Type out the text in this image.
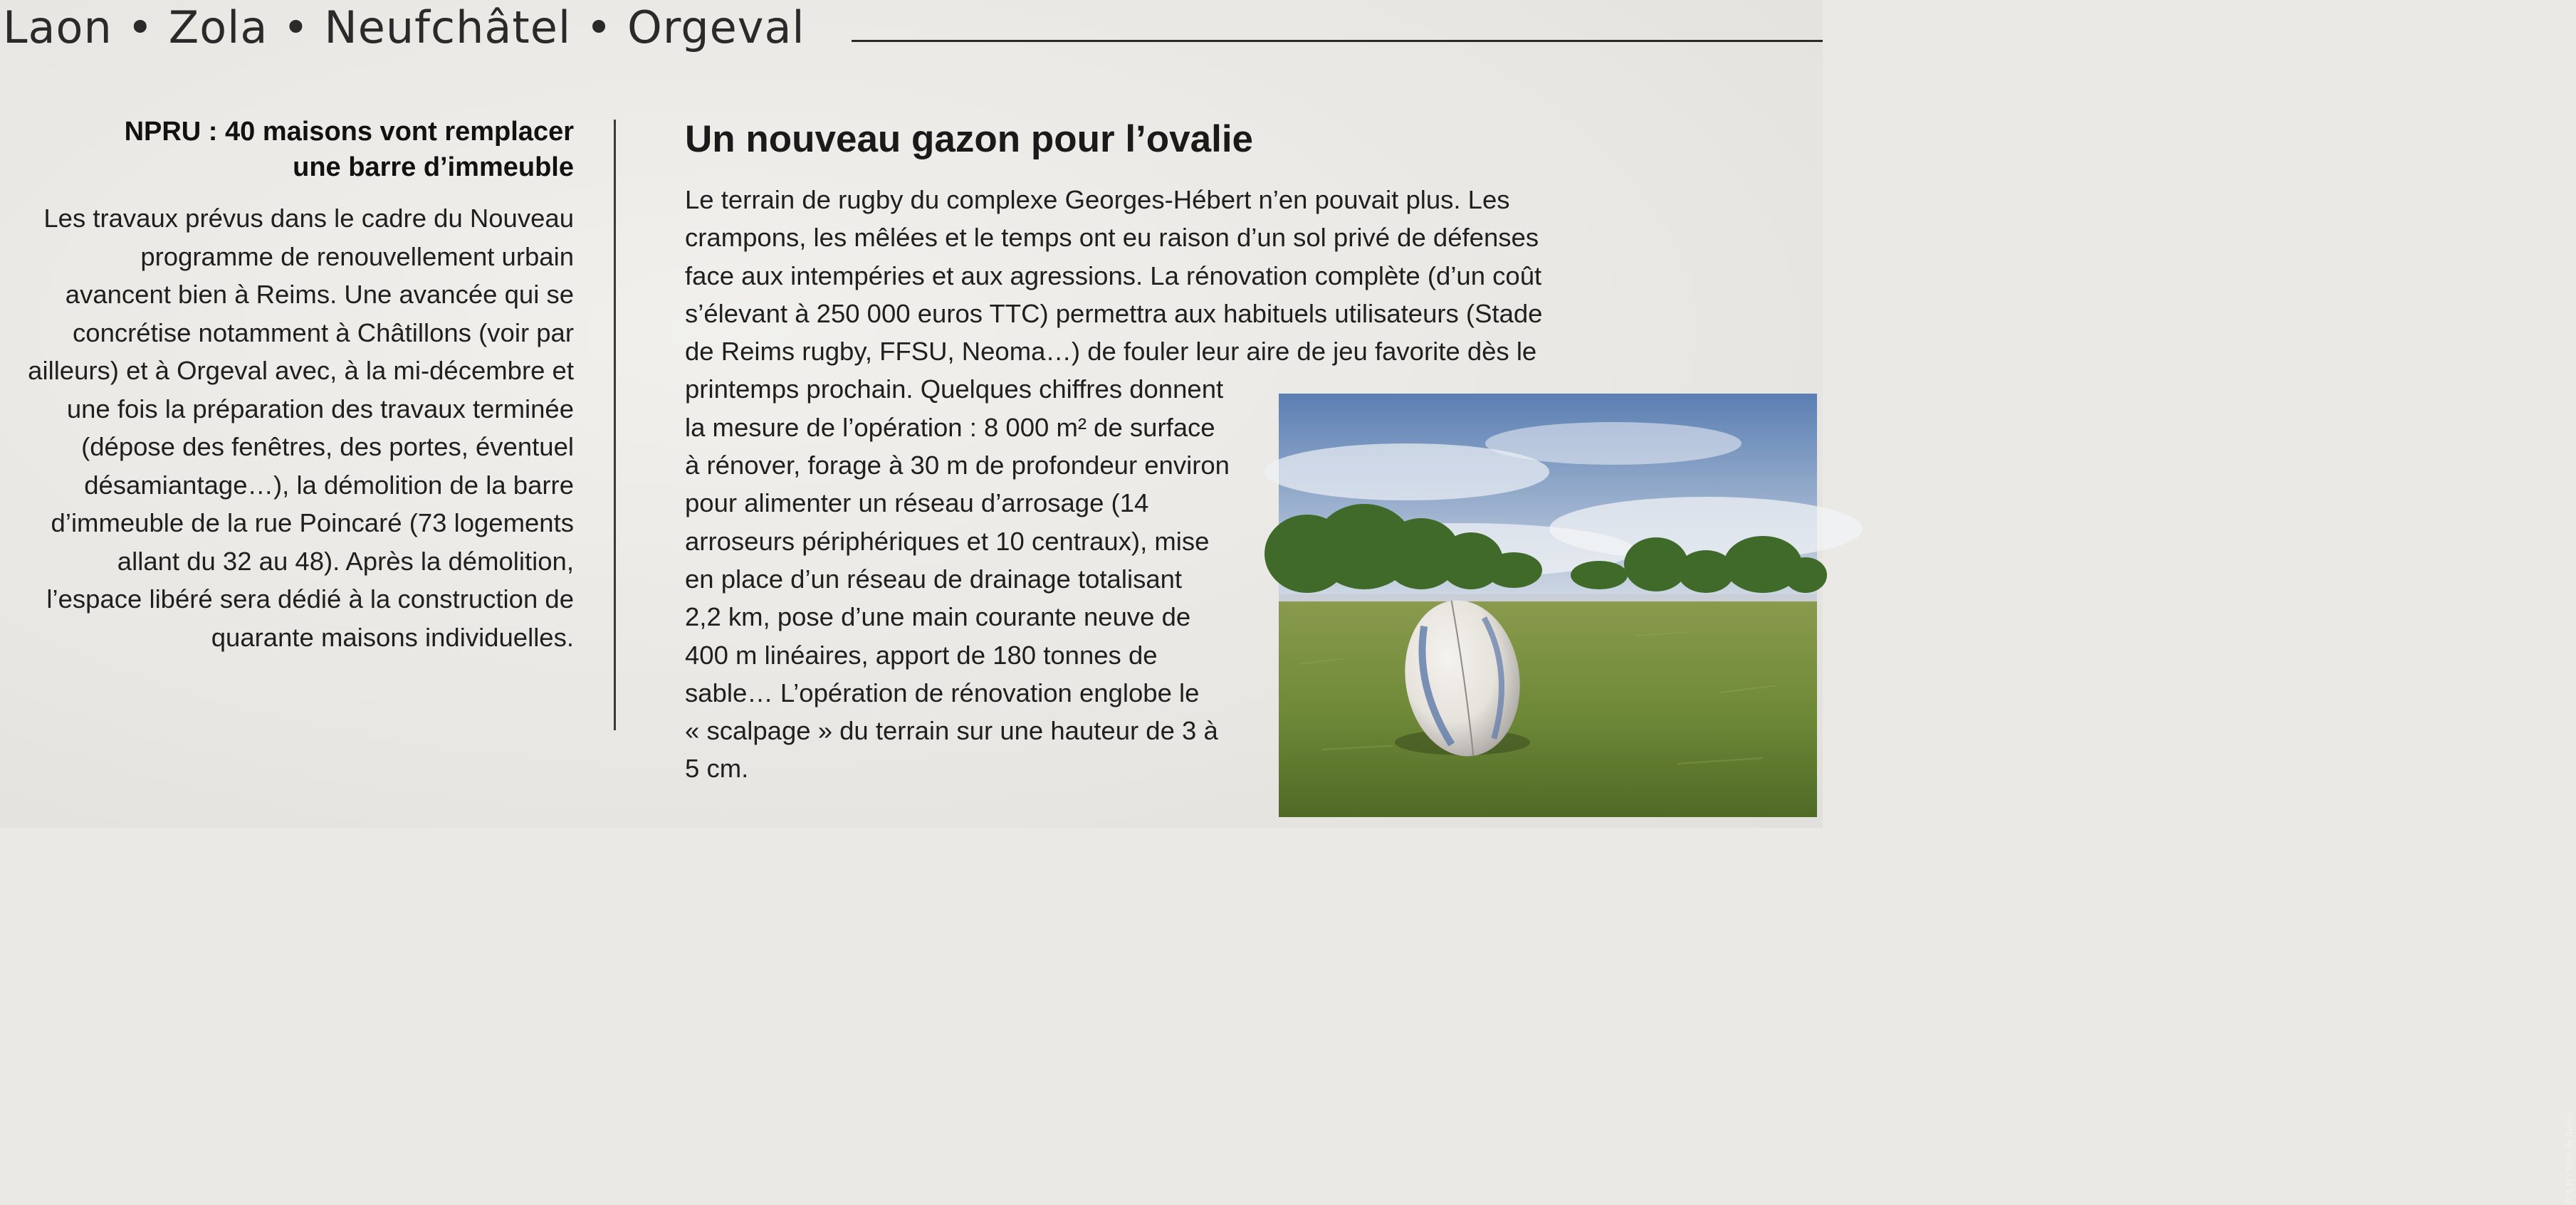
Laon • Zola • Neufchâtel • Orgeval
NPRU : 40 maisons vont remplacer
une barre d’immeuble

Les travaux prévus dans le cadre du Nouveau
programme de renouvellement urbain
avancent bien à Reims. Une avancée qui se
concrétise notamment à Châtillons (voir par
ailleurs) et à Orgeval avec, à la mi-décembre et
une fois la préparation des travaux terminée
(dépose des fenêtres, des portes, éventuel
désamiantage…), la démolition de la barre
d’immeuble de la rue Poincaré (73 logements
allant du 32 au 48). Après la démolition,
l’espace libéré sera dédié à la construction de
quarante maisons individuelles.

Un nouveau gazon pour l’ovalie

Le terrain de rugby du complexe Georges-Hébert n’en pouvait plus. Les
crampons, les mêlées et le temps ont eu raison d’un sol privé de défenses
face aux intempéries et aux agressions. La rénovation complète (d’un coût
s’élevant à 250 000 euros TTC) permettra aux habituels utilisateurs (Stade
de Reims rugby, FFSU, Neoma…) de fouler leur aire de jeu favorite dès le
printemps prochain. Quelques chiffres donnent
la mesure de l’opération : 8 000 m² de surface
à rénover, forage à 30 m de profondeur environ
pour alimenter un réseau d’arrosage (14
arroseurs périphériques et 10 centraux), mise
en place d’un réseau de drainage totalisant
2,2 km, pose d’une main courante neuve de
400 m linéaires, apport de 180 tonnes de
sable… L’opération de rénovation englobe le
« scalpage » du terrain sur une hauteur de 3 à
5 cm.

© A.H / Ville de Reims
